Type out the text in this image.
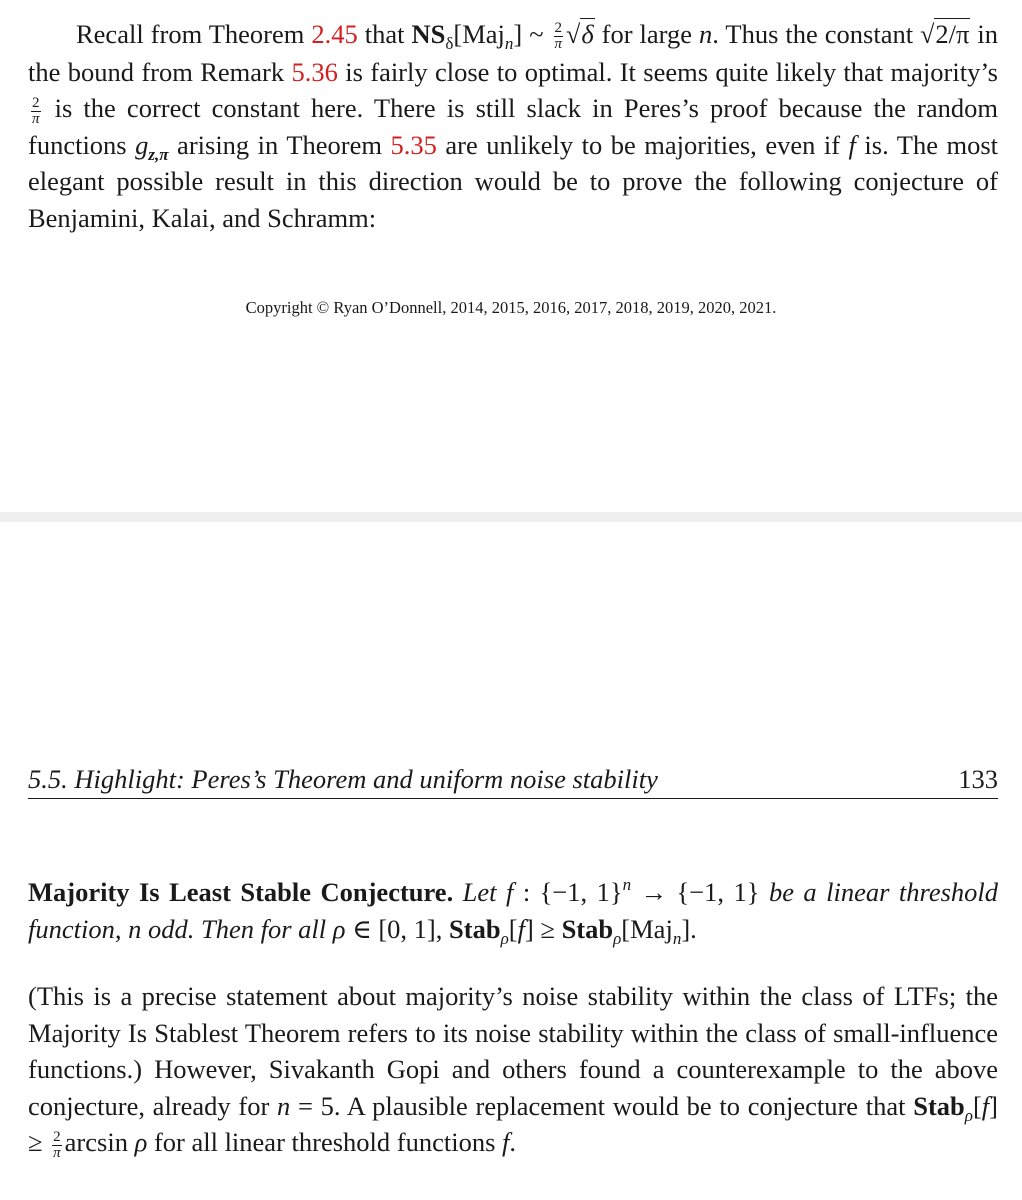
Recall from Theorem 2.45 that $NS_\delta[Maj_n]$ ~ $\frac{2}{\pi} √\delta$ for large n. Thus the constant √2/π in the bound from Remark 5.36 is fairly close to optimal. It seems quite likely that majority’s
$\frac{2}{\pi}$ is the correct constant here. There is still slack in Peres’s proof because the random functions $g_{z,\pi}$ arising in Theorem 5.35 are unlikely to be majorities, even if f is. The most elegant possible result in this direction would be to prove the following conjecture of Benjamini, Kalai, and Schramm:

Copyright © Ryan O’Donnell, 2014, 2015, 2016, 2017, 2018, 2019, 2020, 2021.
5.5. Highlight: Peres’s Theorem and uniform noise stability	133

Majority Is Least Stable Conjecture. Let f : {−1, 1}$^n$ → {−1, 1} be a linear threshold function, n odd. Then for all ρ ∈ [0, 1], Stab$_\rho$[f] ≥ Stab$_\rho$[Maj$_n$].

(This is a precise statement about majority’s noise stability within the class of LTFs; the Majority Is Stablest Theorem refers to its noise stability within the class of small-influence functions.) However, Sivakanth Gopi and others found a counterexample to the above conjecture, already for n = 5. A plausible replacement would be to conjecture that Stab$_\rho$[f] ≥ $\frac{2}{\pi}$ arcsin ρ for all linear threshold functions f.
